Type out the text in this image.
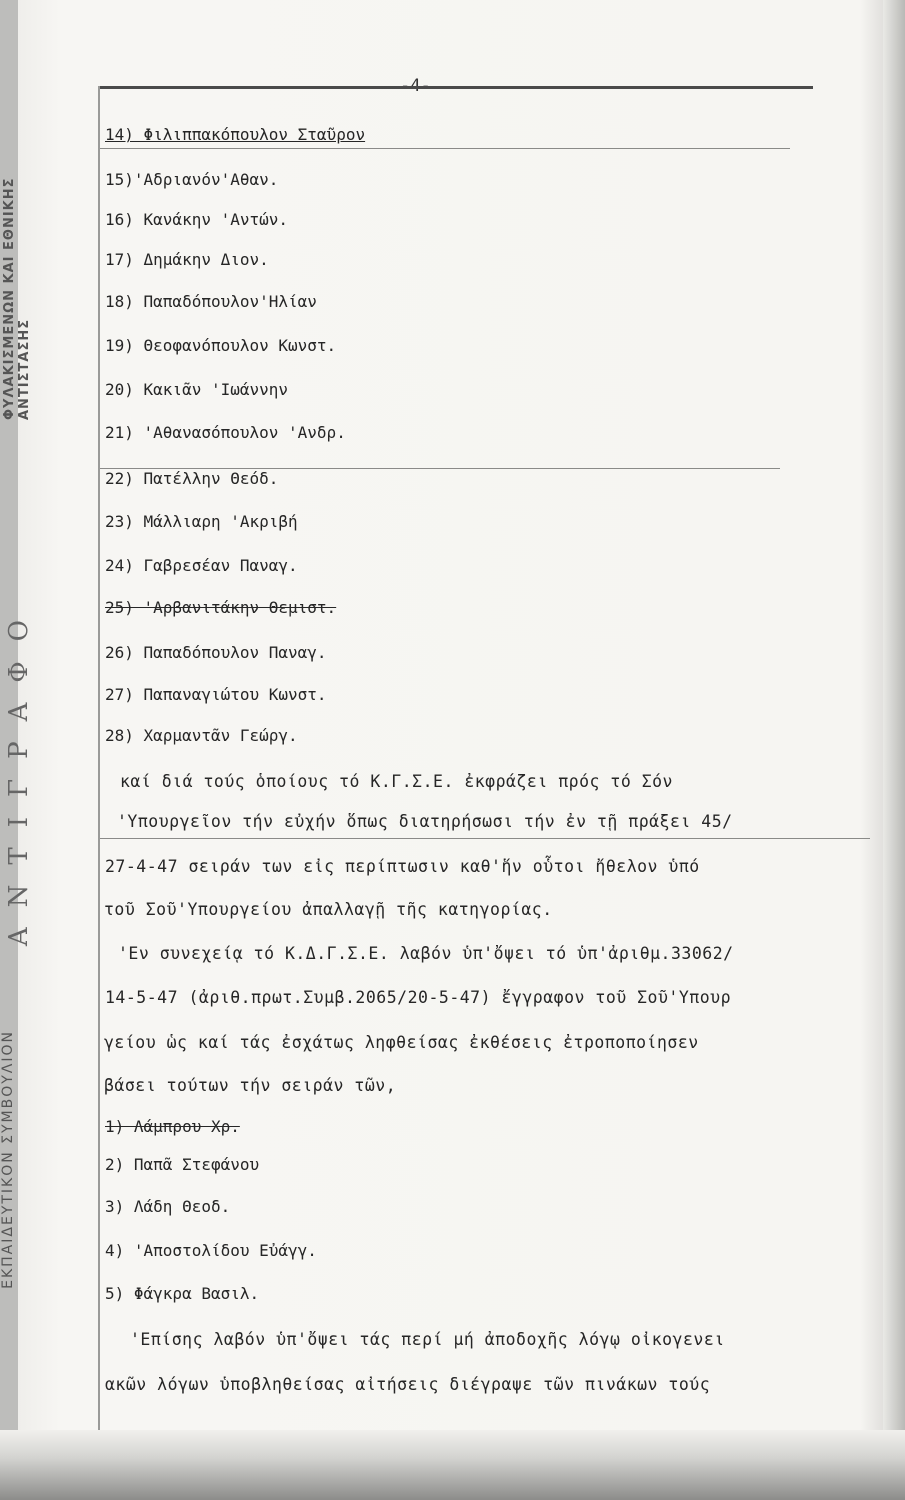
ΦΥΛΑΚΙΣΜΕΝΩΝ ΚΑΙ ΕΘΝΙΚΗΣ ΑΝΤΙΣΤΑΣΗΣ
ΑΝΤΙΓΡΑΦΟ
ΕΚΠΑΙΔΕΥΤΙΚΟΝ ΣΥΜΒΟΥΛΙΟΝ
14) Φιλιππακόπουλον Σταῦρον
15)'Αδριανόν'Αθαν.
16) Κανάκην 'Αντών.
17) Δημάκην Διον.
18) Παπαδόπουλον'Ηλίαν
19) Θεοφανόπουλον Κωνστ.
20) Κακιᾶν 'Ιωάννην
21) 'Αθανασόπουλον 'Ανδρ.
22) Πατέλλην Θεόδ.
23) Μάλλιαρη 'Ακριβή
24) Γαβρεσέαν Παναγ.
25) 'Αρβανιτάκην Θεμιστ.
26) Παπαδόπουλον Παναγ.
27) Παπαναγιώτου Κωνστ.
28) Χαρμαντᾶν Γεώργ.
καί διά τούς ὁποίους τό Κ.Γ.Σ.Ε. ἐκφράζει πρός τό Σόν
'Υπουργεῖον τήν εὐχήν ὅπως διατηρήσωσι τήν ἐν τῇ πράξει 45/
27-4-47 σειράν των εἰς περίπτωσιν καθ'ἥν οὗτοι ἤθελον ὑπό
τοῦ Σοῦ'Υπουργείου ἀπαλλαγῇ τῆς κατηγορίας.
'Εν συνεχείᾳ τό Κ.Δ.Γ.Σ.Ε. λαβόν ὑπ'ὄψει τό ὑπ'ἀριθμ.33062/
14-5-47 (ἀριθ.πρωτ.Συμβ.2065/20-5-47) ἔγγραφον τοῦ Σοῦ'Υπουρ
γείου ὡς καί τάς ἐσχάτως ληφθείσας ἐκθέσεις ἐτροποποίησεν
βάσει τούτων τήν σειράν τῶν,
1) Λάμπρου Χρ.
2) Παπᾶ Στεφάνου
3) Λάδη Θεοδ.
4) 'Αποστολίδου Εὐάγγ.
5) Φάγκρα Βασιλ.
'Επίσης λαβόν ὑπ'ὄψει τάς περί μή ἀποδοχῆς λόγῳ οἰκογενει
ακῶν λόγων ὑποβληθείσας αἰτήσεις διέγραψε τῶν πινάκων τούς
